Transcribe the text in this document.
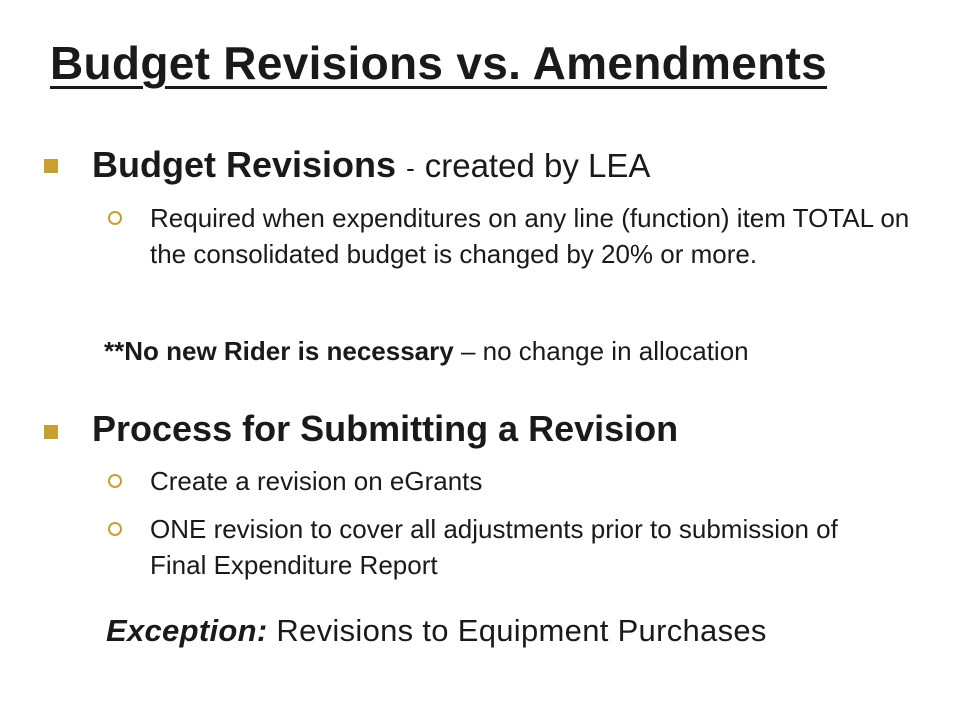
Budget Revisions vs. Amendments
Budget Revisions - created by LEA
Required when expenditures on any line (function) item TOTAL on the consolidated budget is changed by 20% or more.
**No new Rider is necessary – no change in allocation
Process for Submitting a Revision
Create a revision on eGrants
ONE revision to cover all adjustments prior to submission of Final Expenditure Report
Exception: Revisions to Equipment Purchases
